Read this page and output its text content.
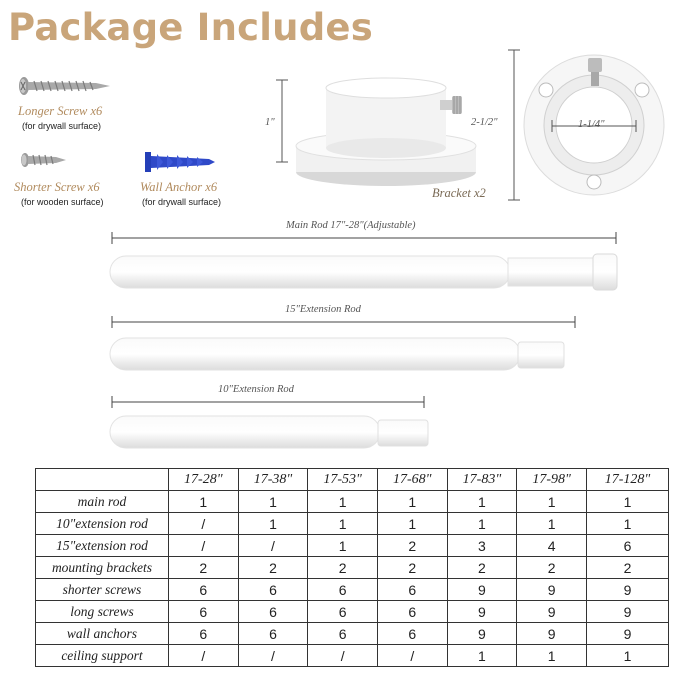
Package Includes
Longer Screw x6
(for drywall surface)
Shorter Screw x6
(for wooden surface)
Wall Anchor x6
(for drywall surface)
1"
Bracket x2
2-1/2"	1-1/4"
Main Rod 17"-28"(Adjustable)
15"Extension Rod
10"Extension Rod
	17-28"	17-38"	17-53"	17-68"	17-83"	17-98"	17-128"
main rod	1	1	1	1	1	1	1
10"extension rod	/	1	1	1	1	1	1
15"extension rod	/	/	1	2	3	4	6
mounting brackets	2	2	2	2	2	2	2
shorter screws	6	6	6	6	9	9	9
long screws	6	6	6	6	9	9	9
wall anchors	6	6	6	6	9	9	9
ceiling support	/	/	/	/	1	1	1
